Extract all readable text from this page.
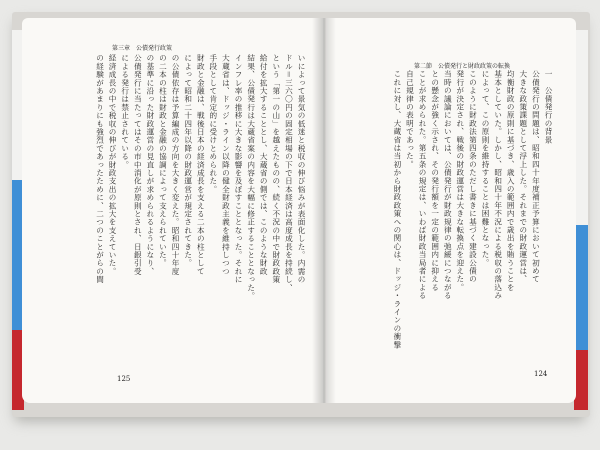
第三章　公債発行政策
いによって景気の低迷と税収の伸び悩みが表面化した。内需の
ドル＝三六〇円の固定相場の下で日本経済は高度成長を持続し、
という「第一の山」を越えたものの、続く不況の中で財政政策
給付を拡大することとし、大蔵省の側では、このような財政
結果、公債発行は大蔵省案の内容を大幅に修正することとなった。
インフレ率の推移に大きな影響を及ぼすこととなった。それに
大蔵省は、ドッジ・ライン以降の健全財政主義を維持しつつ
手段として肯定的に受けとめられた。
財政と金融は、戦後日本の経済成長を支える二本の柱として
によって昭和二十四年以降の財政運営が規定されてきた。
の公債依存は予算編成の方向を大きく変えた。昭和四十年度
の二本の柱は財政と金融の協調によって支えられていた。
の基準に沿った財政運営の見直しが求められるようになり、
公債発行に当たってはその市中消化が原則とされ、日銀引受
による発行は禁止されている。
経済成長の中で税収の伸びが財政支出の拡大を支えていた。
の経験があまりにも強烈であったために、二つのことがらの間
125
第二節　公債発行と財政政策の転換
一　公債発行の背景
公債発行の問題は、昭和四十年度補正予算において初めて
大きな政策課題として浮上した。それまでの財政運営は、
均衡財政の原則に基づき、歳入の範囲内で歳出を賄うことを
基本としていた。しかし、昭和四十年不況による税収の落込み
によって、この原則を維持することは困難となった。
このように財政法第四条のただし書きに基づく建設公債の
発行が決定され、戦後の財政運営は大きな転換点を迎えた。
当時の議論においては、公債発行が財政規律の弛緩につながる
との懸念が強く示され、その発行額を一定の範囲内に抑える
ことが求められた。第五条の規定は、いわば財政当局者による
自己規律の表明であった。
これに対し、大蔵省は当初から財政政策への関心は、ドッジ・ラインの衝撃
124
